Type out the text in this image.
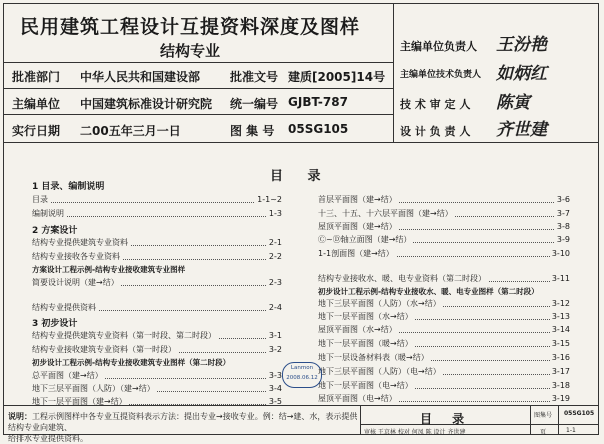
民用建筑工程设计互提资料深度及图样
结构专业
批准部门 中华人民共和国建设部 批准文号 建质[2005]14号
主编单位 中国建筑标准设计研究院 统一编号 GJBT-787
实行日期 二00五年三月一日	图 集 号 05SG105
主编单位负责人 王汾艳
主编单位技术负责人 如炳红
技 术 审 定 人 陈寅
设 计 负 责 人 齐世建
目 录
1 目录、编制说明
目录	1-1~2
编制说明	1-3
2 方案设计
结构专业提供建筑专业资料	2-1
结构专业接收各专业资料	2-2
方案设计工程示例-结构专业接收建筑专业图样
简要设计说明（建→结）	2-3
结构专业提供资料	2-4
3 初步设计
结构专业提供建筑专业资料（第一时段、第二时段）	3-1
结构专业接收建筑专业资料（第一时段）	3-2
初步设计工程示例-结构专业接收建筑专业图样（第二时段）
总平面图（建→结）	3-3
地下三层平面图（人防）（建→结）	3-4
地下一层平面图（建→结）	3-5
首层平面图（建→结）	3-6
十三、十五、十六层平面图（建→结）	3-7
屋顶平面图（建→结）	3-8
Ⓒ~Ⓓ轴立面图（建→结）	3-9
1-1剖面图（建→结）	3-10
结构专业接收水、暖、电专业资料（第二时段）	3-11
初步设计工程示例-结构专业接收水、暖、电专业图样（第二时段）
地下三层平面图（人防）（水→结）	3-12
地下一层平面图（水→结）	3-13
屋顶平面图（水→结）	3-14
地下一层平面图（暖→结）	3-15
地下一层设备材料表（暖→结）	3-16
地下三层平面图（人防）（电→结）	3-17
地下一层平面图（电→结）	3-18
屋顶平面图（电→结）	3-19
Lanmon
2008.06.12
说明：工程示例图样中各专业互提资料表示方法：提出专业→接收专业。例：结→建、水，表示提供结构专业向建筑、
给排水专业提供资料。
目 录	图集号 05SG105
审核 王京林 校对 何凤 陈 设计 齐世建	页	1-1
